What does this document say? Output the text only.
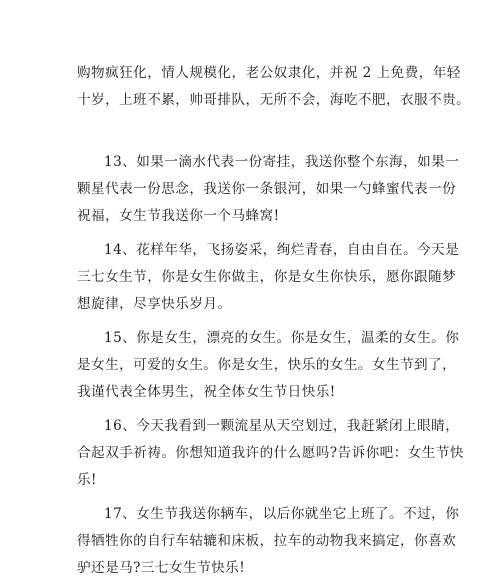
购物疯狂化，情人规模化，老公奴隶化，并祝 2 上免费，年轻
十岁，上班不累，帅哥排队，无所不会，海吃不肥，衣服不贵。
13、如果一滴水代表一份寄挂，我送你整个东海，如果一
颗星代表一份思念，我送你一条银河，如果一勺蜂蜜代表一份
祝福，女生节我送你一个马蜂窝!
14、花样年华，飞扬姿采，绚烂青春，自由自在。今天是
三七女生节，你是女生你做主，你是女生你快乐，愿你跟随梦
想旋律，尽享快乐岁月。
15、你是女生，漂亮的女生。你是女生，温柔的女生。你
是女生，可爱的女生。你是女生，快乐的女生。女生节到了，
我谨代表全体男生，祝全体女生节日快乐!
16、今天我看到一颗流星从天空划过，我赶紧闭上眼睛，
合起双手祈祷。你想知道我许的什么愿吗?告诉你吧：女生节快
乐!
17、女生节我送你辆车，以后你就坐它上班了。不过，你
得牺牲你的自行车轱辘和床板，拉车的动物我来搞定，你喜欢
驴还是马?三七女生节快乐!
